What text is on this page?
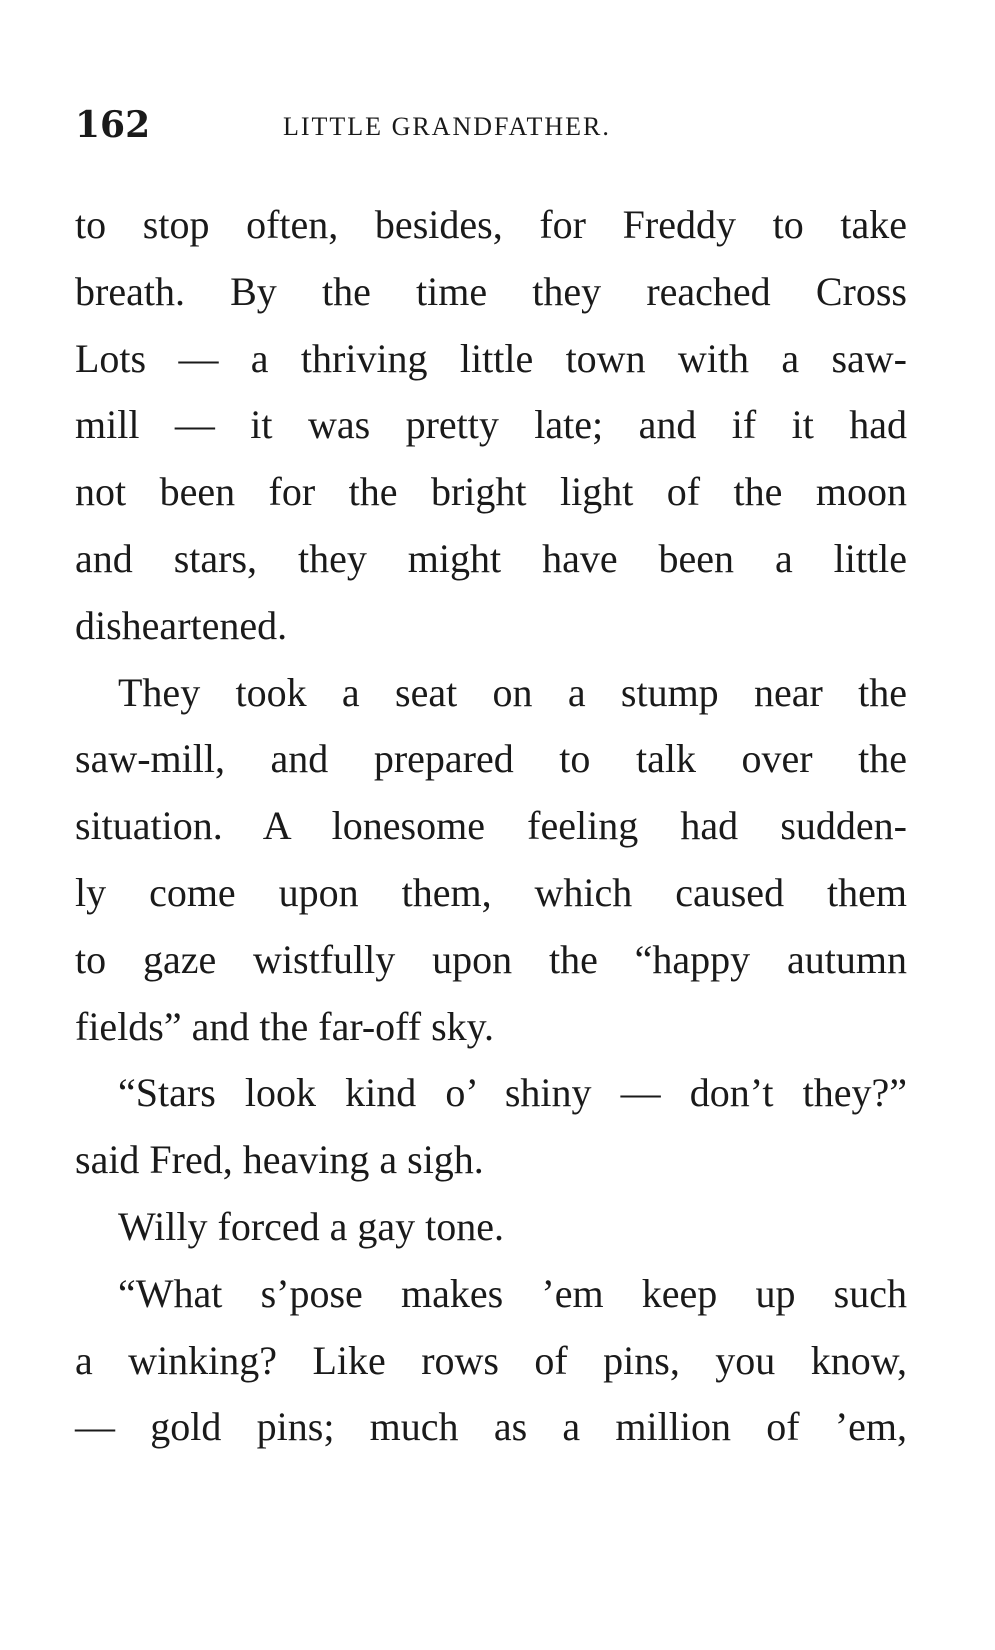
162	LITTLE GRANDFATHER.
to stop often, besides, for Freddy to take
breath. By the time they reached Cross
Lots — a thriving little town with a saw-
mill — it was pretty late; and if it had
not been for the bright light of the moon
and stars, they might have been a little
disheartened.
They took a seat on a stump near the
saw-mill, and prepared to talk over the
situation. A lonesome feeling had sudden-
ly come upon them, which caused them
to gaze wistfully upon the “happy autumn
fields” and the far-off sky.
“Stars look kind o’ shiny — don’t they?”
said Fred, heaving a sigh.
Willy forced a gay tone.
“What s’pose makes ’em keep up such
a winking? Like rows of pins, you know,
— gold pins; much as a million of ’em,
